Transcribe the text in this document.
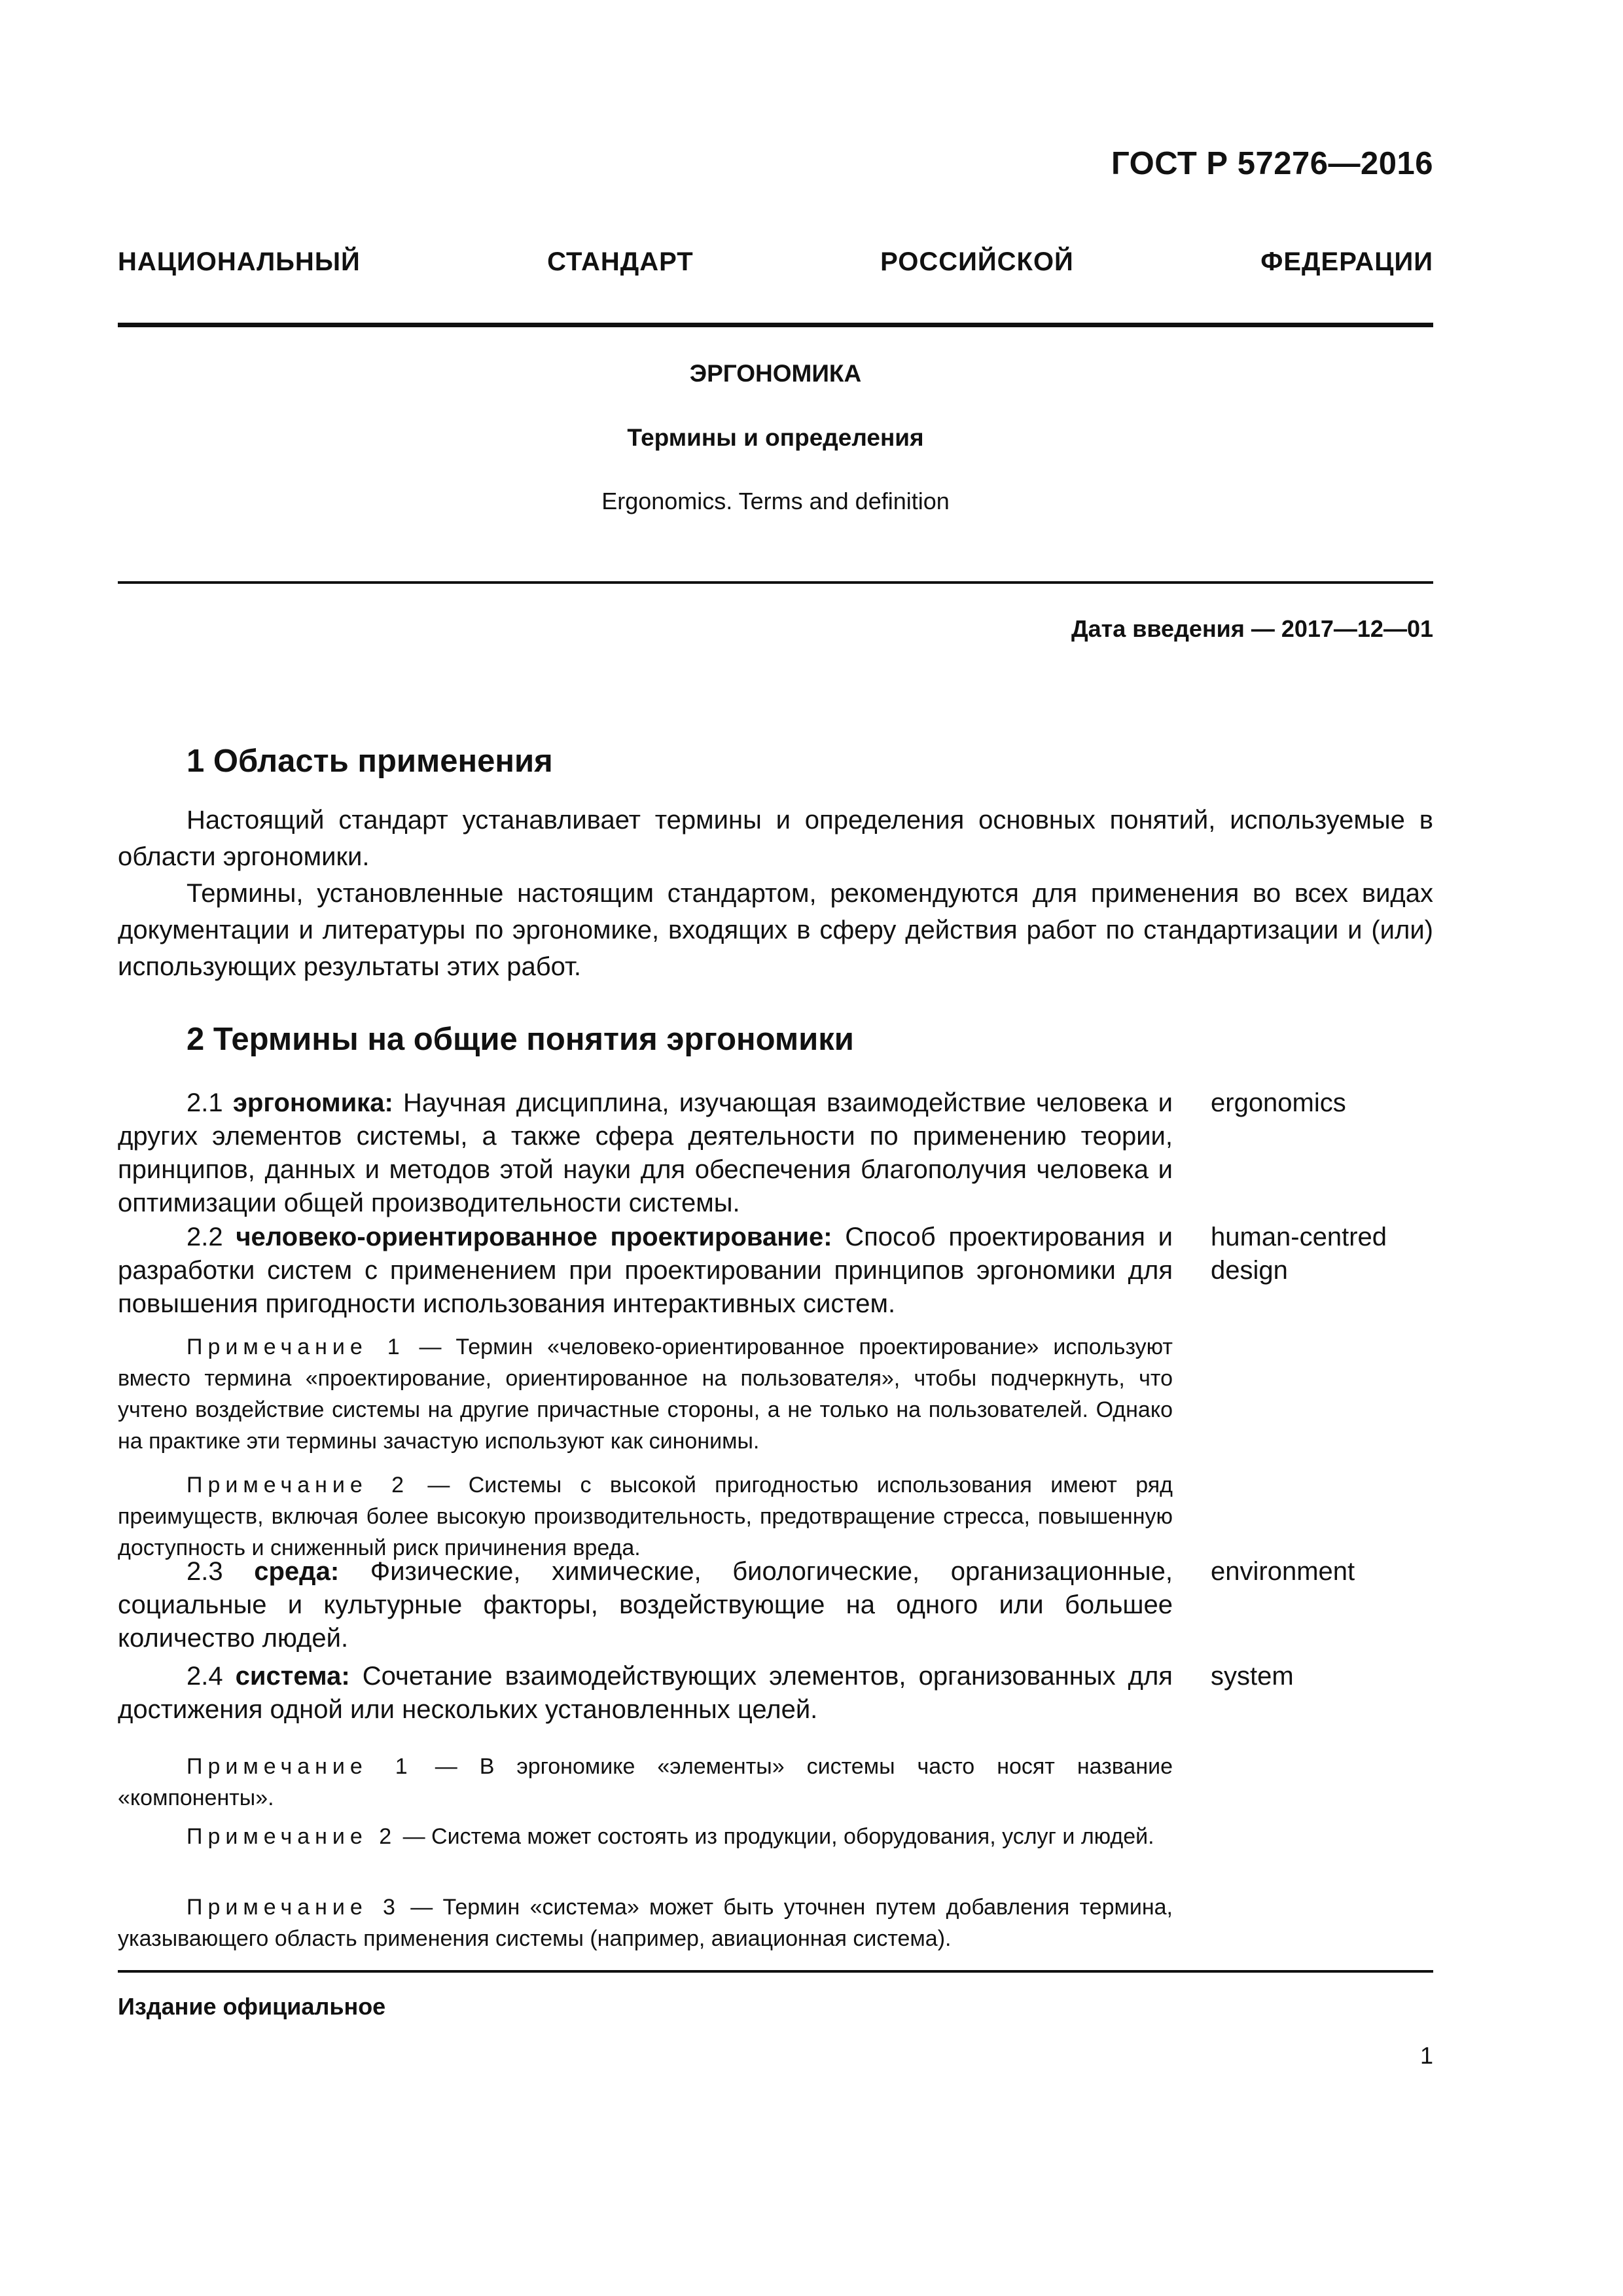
ГОСТ Р 57276—2016
НАЦИОНАЛЬНЫЙ СТАНДАРТ РОССИЙСКОЙ ФЕДЕРАЦИИ
ЭРГОНОМИКА
Термины и определения
Ergonomics. Terms and definition
Дата введения — 2017—12—01
1 Область применения

Настоящий стандарт устанавливает термины и определения основных понятий, используемые в области эргономики.

Термины, установленные настоящим стандартом, рекомендуются для применения во всех видах документации и литературы по эргономике, входящих в сферу действия работ по стандартизации и (или) использующих результаты этих работ.

2 Термины на общие понятия эргономики

2.1 эргономика: Научная дисциплина, изучающая взаимодействие человека и других элементов системы, а также сфера деятельности по применению теории, принципов, данных и методов этой науки для обеспечения благополучия человека и оптимизации общей производительности системы.

ergonomics

2.2 человеко-ориентированное проектирование: Способ проектирования и разработки систем с применением при проектировании принципов эргономики для повышения пригодности использования интерактивных систем.

human-centred design

Примечание 1 — Термин «человеко-ориентированное проектирование» используют вместо термина «проектирование, ориентированное на пользователя», чтобы подчеркнуть, что учтено воздействие системы на другие причастные стороны, а не только на пользователей. Однако на практике эти термины зачастую используют как синонимы.

Примечание 2 — Системы с высокой пригодностью использования имеют ряд преимуществ, включая более высокую производительность, предотвращение стресса, повышенную доступность и сниженный риск причинения вреда.

2.3 среда: Физические, химические, биологические, организационные, социальные и культурные факторы, воздействующие на одного или большее количество людей.

environment

2.4 система: Сочетание взаимодействующих элементов, организованных для достижения одной или нескольких установленных целей.

system

Примечание 1 — В эргономике «элементы» системы часто носят название «компоненты».

Примечание 2 — Система может состоять из продукции, оборудования, услуг и людей.

Примечание 3 — Термин «система» может быть уточнен путем добавления термина, указывающего область применения системы (например, авиационная система).

Издание официальное
1
